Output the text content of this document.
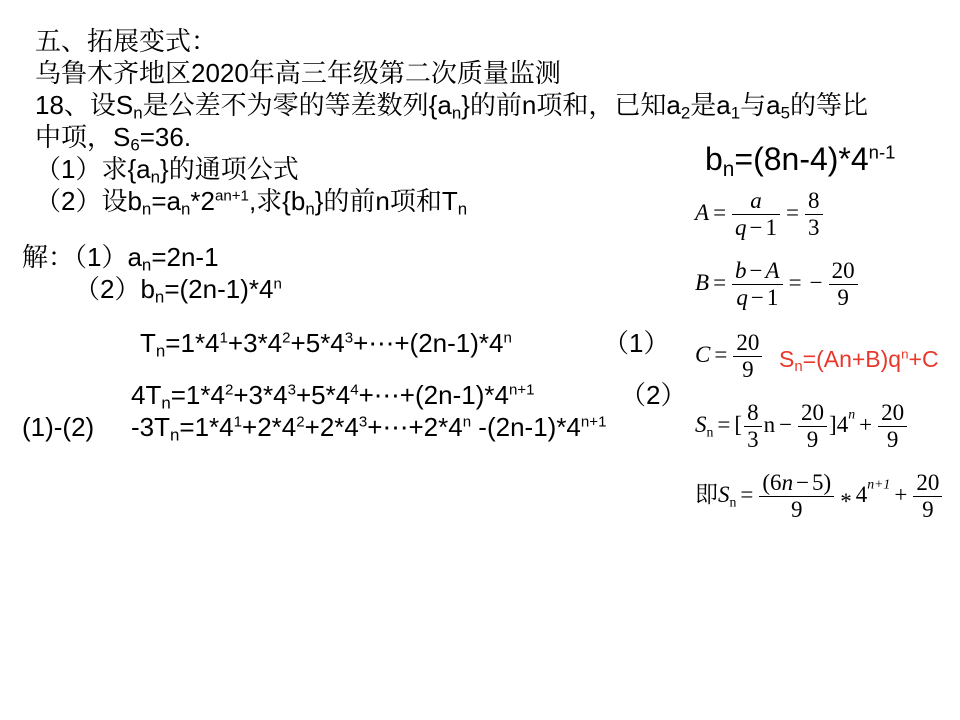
五、拓展变式：
乌鲁木齐地区2020年高三年级第二次质量监测
18、设$S_n$是公差不为零的等差数列$\{a_n\}$的前n项和，已知$a_2$是$a_1$与$a_5$的等比
中项，$S_6=36$.
（1）求$\{a_n\}$的通项公式
（2）设$b_n=a_n*2^{an+1}$,求$\{b_n\}$的前n项和$T_n$
$b_n=(8n-4)*4^{n-1}$
解：$(1)a_n=2n-1$
$(2)b_n=(2n-1)*4^n$
$T_n=1*4^1+3*4^2+5*4^3+\cdots+(2n-1)*4^n$	（1）
$4T_n=1*4^2+3*4^3+5*4^4+\cdots+(2n-1)*4^{n+1}$	（2）
(1)-(2) $-3T_n=1*4^1+2*4^2+2*4^3+\cdots+2*4^n$ $-(2n-1)*4^{n+1}$
$A = \frac{a}{q - 1} = \frac{8}{3}$
$B = \frac{b - A}{q - 1}$ = − $\frac{20}{9}$
$C = \frac{20}{9} S_n=(An+B)q^n+C$
$S_n$ = [ $\frac{8}{3}$ $n - \frac{20}{9} ]4^n + \frac{20}{9}$
即$S_n = \frac{(6n - 5)}{9} * 4^{n+1} + \frac{20}{9}$
